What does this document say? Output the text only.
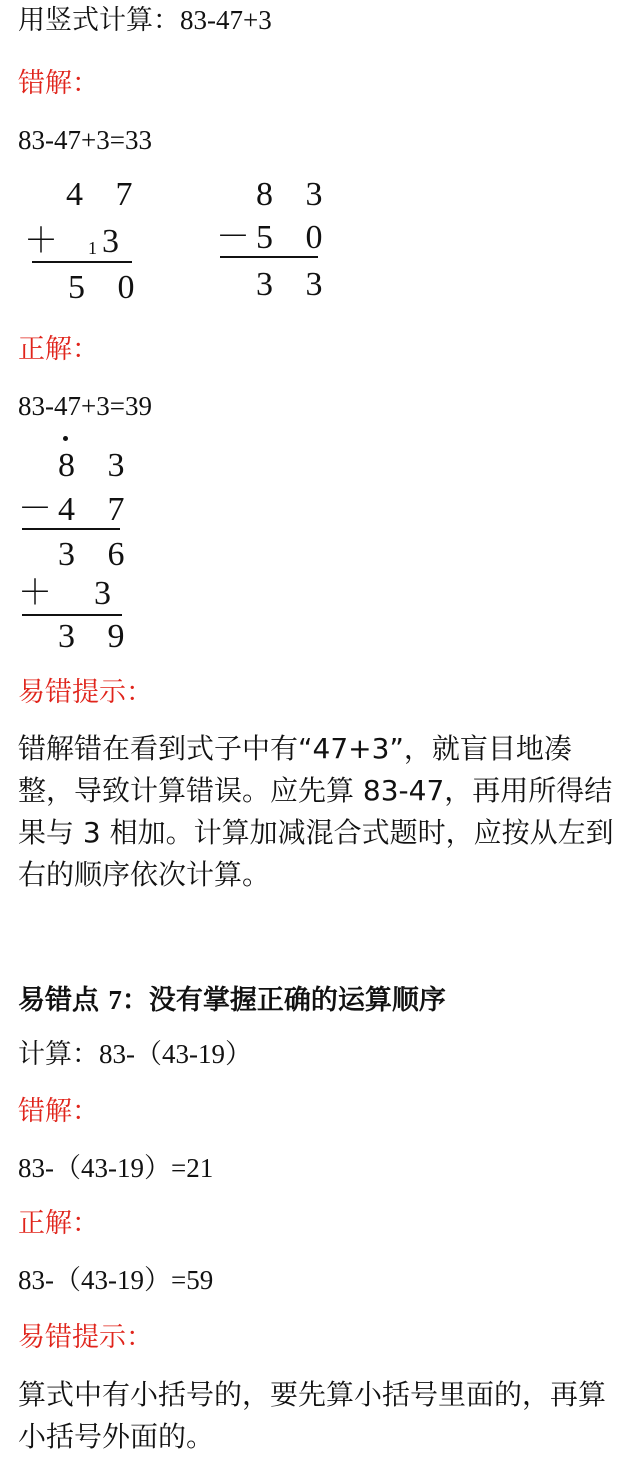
用竖式计算：83-47+3
错解：
83-47+3=33
4 7
＋ 1 3
5 0
8 3
－
5 0
3 3
正解：
83-47+3=39
8 3
－
4 7
3 6
＋ 3
3 9
易错提示：
错解错在看到式子中有“47+3”，就盲目地凑整，导致计算错误。应先算 83-47，再用所得结果与 3 相加。计算加减混合式题时，应按从左到右的顺序依次计算。
易错点 7：没有掌握正确的运算顺序
计算：83-（43-19）
错解：
83-（43-19）=21
正解：
83-（43-19）=59
易错提示：
算式中有小括号的，要先算小括号里面的，再算小括号外面的。
